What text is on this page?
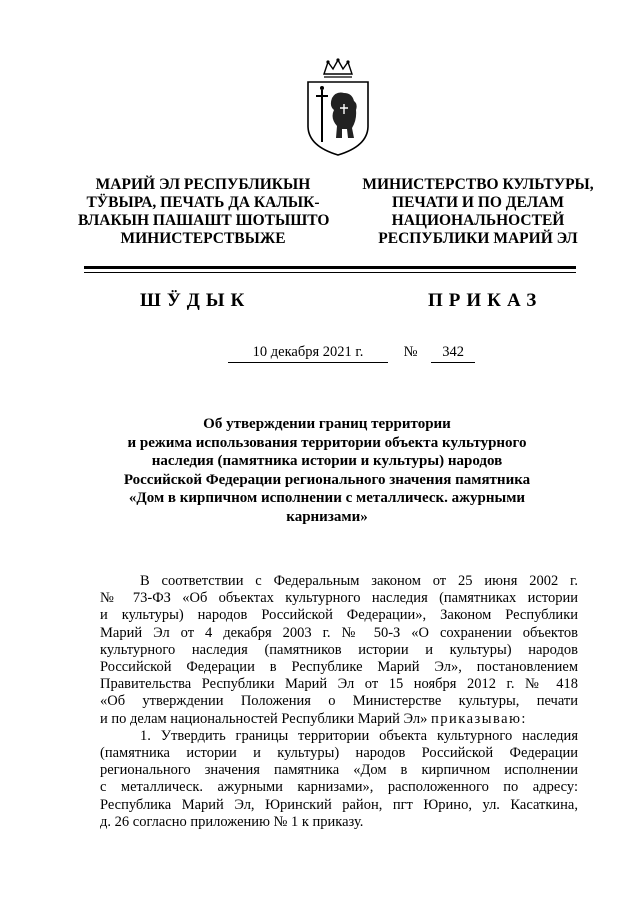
МАРИЙ ЭЛ РЕСПУБЛИКЫН
ТӰВЫРА, ПЕЧАТЬ ДА КАЛЫК-
ВЛАКЫН ПАШАШТ ШОТЫШТО
МИНИСТЕРСТВЫЖЕ
МИНИСТЕРСТВО КУЛЬТУРЫ,
ПЕЧАТИ И ПО ДЕЛАМ
НАЦИОНАЛЬНОСТЕЙ
РЕСПУБЛИКИ МАРИЙ ЭЛ
ШӰДЫК	ПРИКАЗ
10 декабря 2021 г.	№ 342
Об утверждении границ территории
и режима использования территории объекта культурного
наследия (памятника истории и культуры) народов
Российской Федерации регионального значения памятника
«Дом в кирпичном исполнении с металлическ. ажурными
карнизами»
В соответствии с Федеральным законом от 25 июня 2002 г.
№ 73-ФЗ «Об объектах культурного наследия (памятниках истории
и культуры) народов Российской Федерации», Законом Республики
Марий Эл от 4 декабря 2003 г. № 50-З «О сохранении объектов
культурного наследия (памятников истории и культуры) народов
Российской Федерации в Республике Марий Эл», постановлением
Правительства Республики Марий Эл от 15 ноября 2012 г. № 418
«Об утверждении Положения о Министерстве культуры, печати
и по делам национальностей Республики Марий Эл» приказываю:
1. Утвердить границы территории объекта культурного наследия
(памятника истории и культуры) народов Российской Федерации
регионального значения памятника «Дом в кирпичном исполнении
с металлическ. ажурными карнизами», расположенного по адресу:
Республика Марий Эл, Юринский район, пгт Юрино, ул. Касаткина,
д. 26 согласно приложению № 1 к приказу.
